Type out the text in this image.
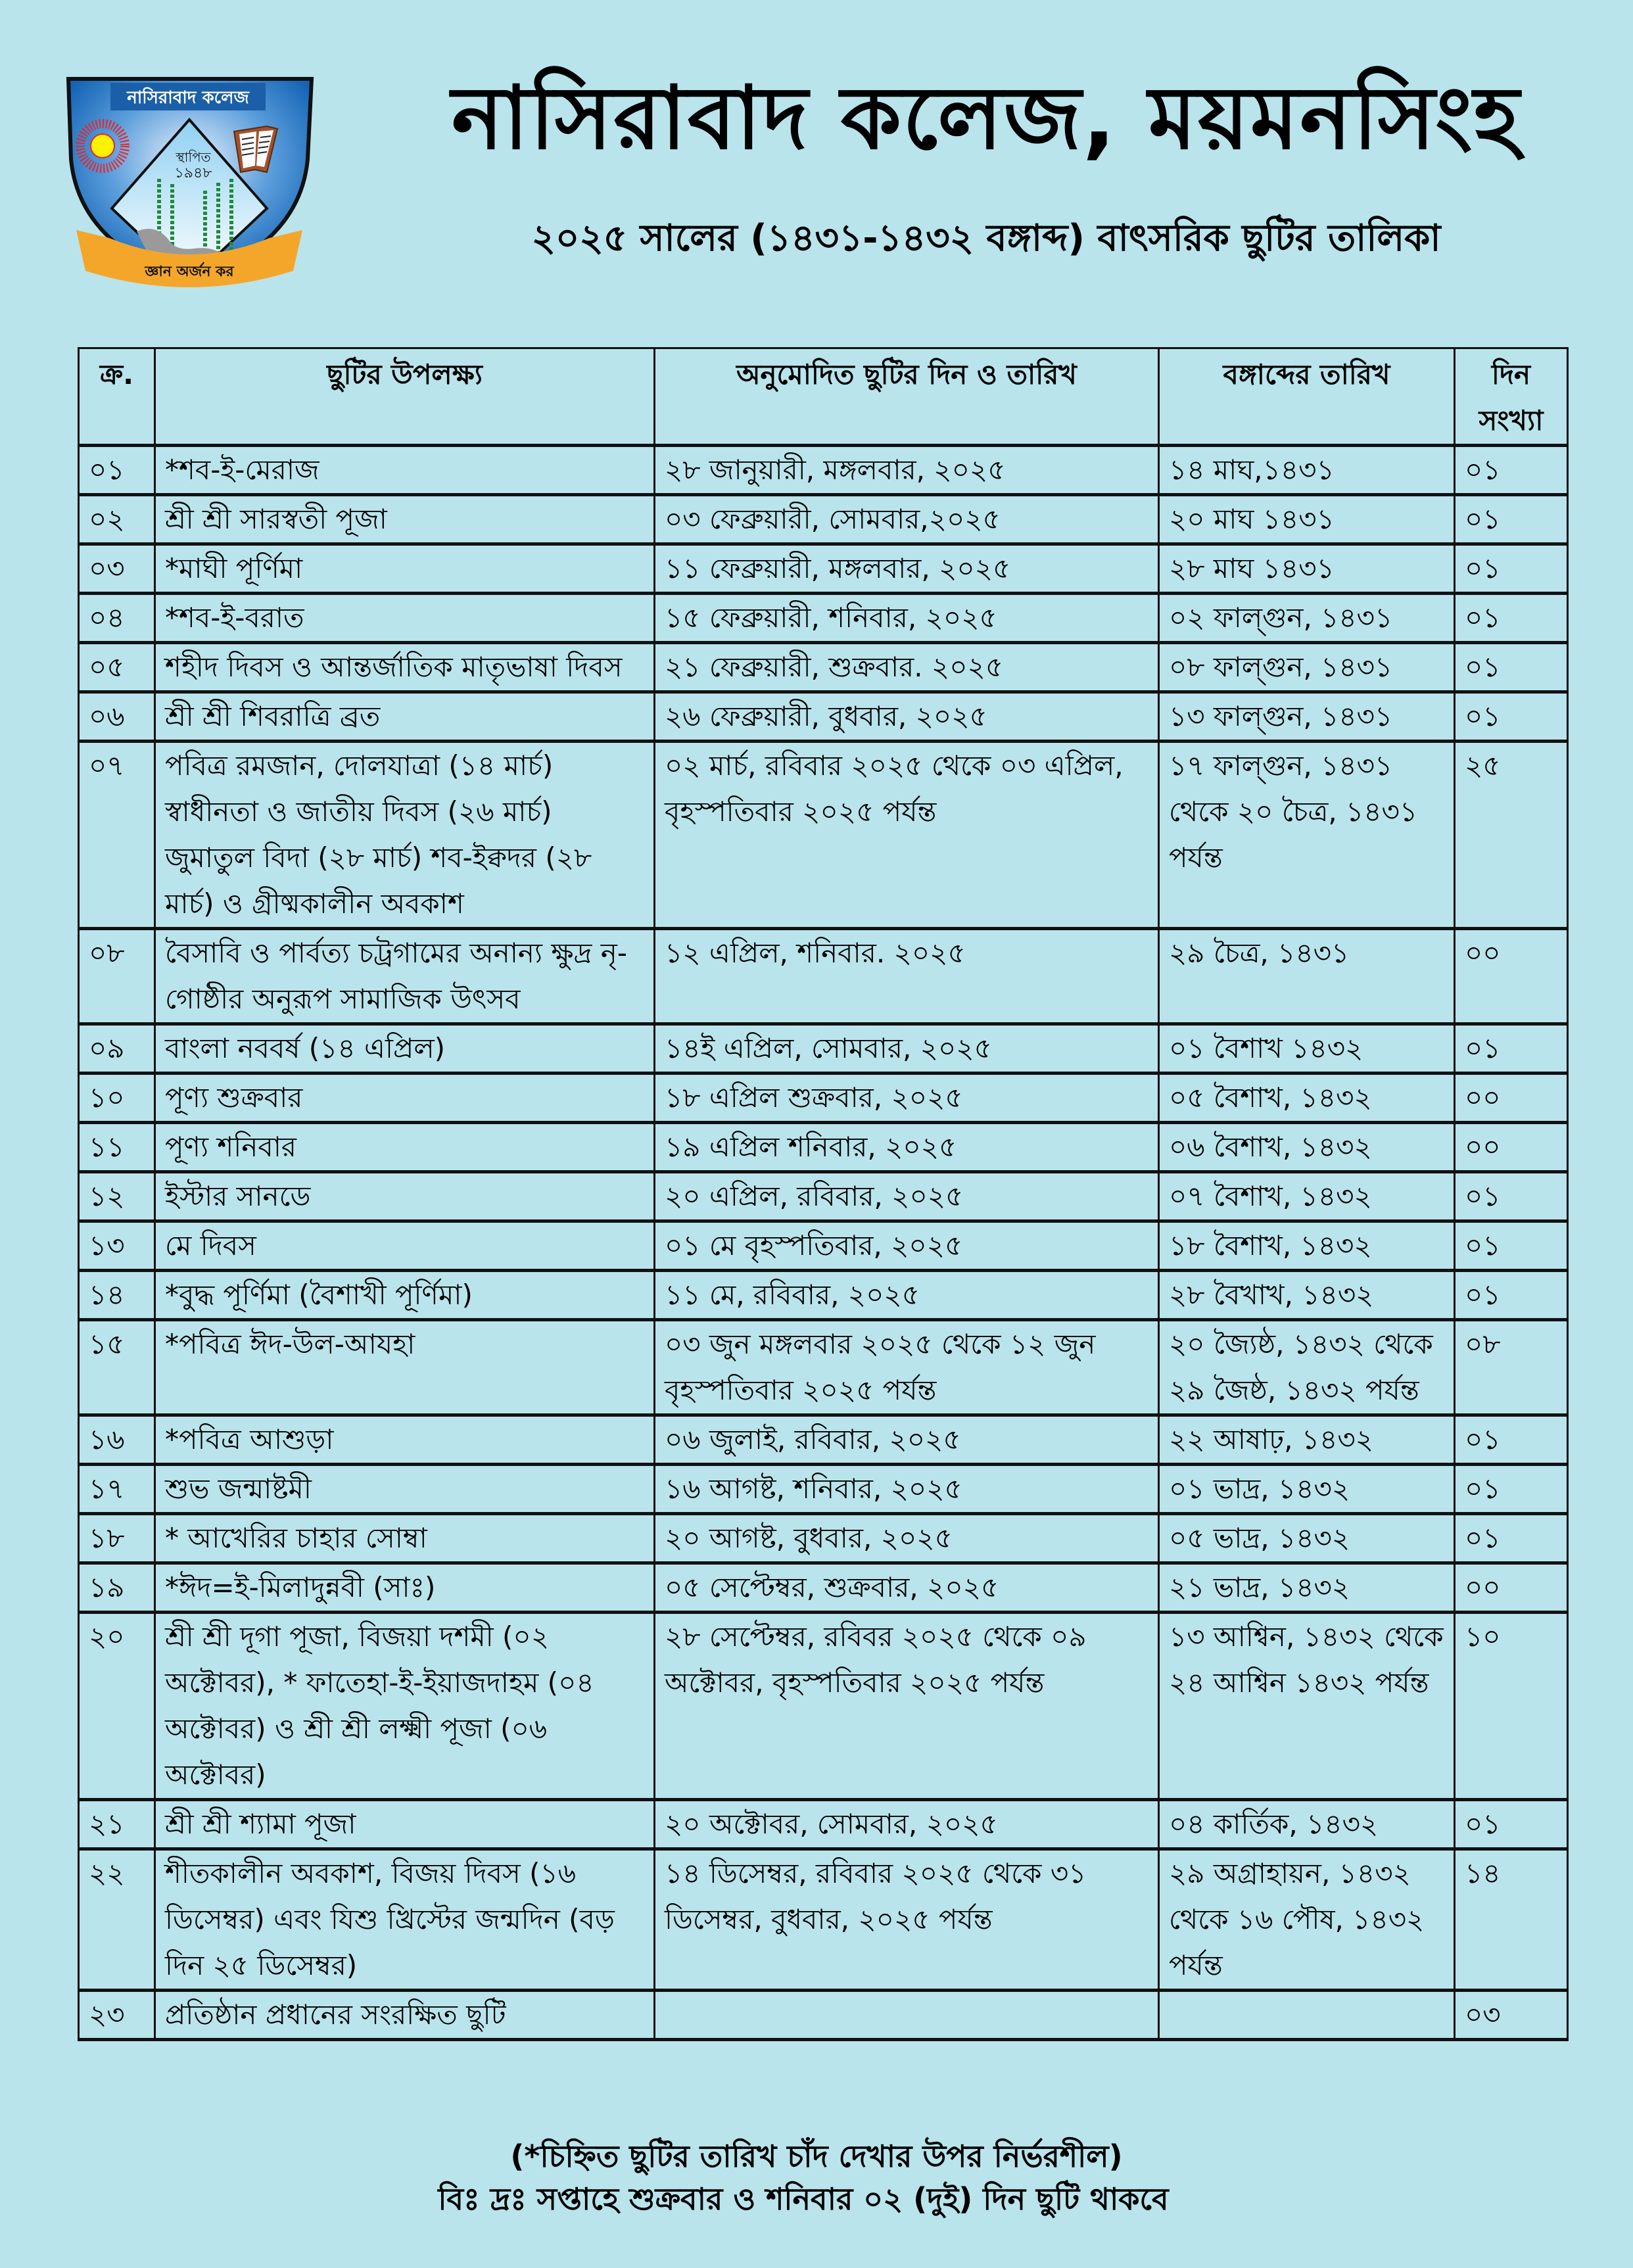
নাসিরাবাদ কলেজ
স্থাপিত
১৯৪৮
জ্ঞান অর্জন কর
নাসিরাবাদ কলেজ, ময়মনসিংহ
২০২৫ সালের (১৪৩১-১৪৩২ বঙ্গাব্দ) বাৎসরিক ছুটির তালিকা
ক্র.	ছুটির উপলক্ষ্য	অনুমোদিত ছুটির দিন ও তারিখ	বঙ্গাব্দের তারিখ	দিন সংখ্যা
০১	*শব-ই-মেরাজ	২৮ জানুয়ারী, মঙ্গলবার, ২০২৫	১৪ মাঘ,১৪৩১	০১
০২	শ্রী শ্রী সারস্বতী পূজা	০৩ ফেব্রুয়ারী, সোমবার,২০২৫	২০ মাঘ ১৪৩১	০১
০৩	*মাঘী পূর্ণিমা	১১ ফেব্রুয়ারী, মঙ্গলবার, ২০২৫	২৮ মাঘ ১৪৩১	০১
০৪	*শব-ই-বরাত	১৫ ফেব্রুয়ারী, শনিবার, ২০২৫	০২ ফাল্গুন, ১৪৩১	০১
০৫	শহীদ দিবস ও আন্তর্জাতিক মাতৃভাষা দিবস	২১ ফেব্রুয়ারী, শুক্রবার. ২০২৫	০৮ ফাল্গুন, ১৪৩১	০১
০৬	শ্রী শ্রী শিবরাত্রি ব্রত	২৬ ফেব্রুয়ারী, বুধবার, ২০২৫	১৩ ফাল্গুন, ১৪৩১	০১
০৭	পবিত্র রমজান, দোলযাত্রা (১৪ মার্চ) স্বাধীনতা ও জাতীয় দিবস (২৬ মার্চ) জুমাতুল বিদা (২৮ মার্চ) শব-ইক্বদর (২৮ মার্চ) ও গ্রীষ্মকালীন অবকাশ	০২ মার্চ, রবিবার ২০২৫ থেকে ০৩ এপ্রিল, বৃহস্পতিবার ২০২৫ পর্যন্ত	১৭ ফাল্গুন, ১৪৩১ থেকে ২০ চৈত্র, ১৪৩১ পর্যন্ত	২৫
০৮	বৈসাবি ও পার্বত্য চট্রগামের অনান্য ক্ষুদ্র নৃ-গোষ্ঠীর অনুরূপ সামাজিক উৎসব	১২ এপ্রিল, শনিবার. ২০২৫	২৯ চৈত্র, ১৪৩১	০০
০৯	বাংলা নববর্ষ (১৪ এপ্রিল)	১৪ই এপ্রিল, সোমবার, ২০২৫	০১ বৈশাখ ১৪৩২	০১
১০	পূণ্য শুক্রবার	১৮ এপ্রিল শুক্রবার, ২০২৫	০৫ বৈশাখ, ১৪৩২	০০
১১	পূণ্য শনিবার	১৯ এপ্রিল শনিবার, ২০২৫	০৬ বৈশাখ, ১৪৩২	০০
১২	ইস্টার সানডে	২০ এপ্রিল, রবিবার, ২০২৫	০৭ বৈশাখ, ১৪৩২	০১
১৩	মে দিবস	০১ মে বৃহস্পতিবার, ২০২৫	১৮ বৈশাখ, ১৪৩২	০১
১৪	*বুদ্ধ পূর্ণিমা (বৈশাখী পূর্ণিমা)	১১ মে, রবিবার, ২০২৫	২৮ বৈখাখ, ১৪৩২	০১
১৫	*পবিত্র ঈদ-উল-আযহা	০৩ জুন মঙ্গলবার ২০২৫ থেকে ১২ জুন বৃহস্পতিবার ২০২৫ পর্যন্ত	২০ জ্যৈষ্ঠ, ১৪৩২ থেকে ২৯ জৈষ্ঠ, ১৪৩২ পর্যন্ত	০৮
১৬	*পবিত্র আশুড়া	০৬ জুলাই, রবিবার, ২০২৫	২২ আষাঢ়, ১৪৩২	০১
১৭	শুভ জন্মাষ্টমী	১৬ আগষ্ট, শনিবার, ২০২৫	০১ ভাদ্র, ১৪৩২	০১
১৮	* আখেরির চাহার সোম্বা	২০ আগষ্ট, বুধবার, ২০২৫	০৫ ভাদ্র, ১৪৩২	০১
১৯	*ঈদ=ই-মিলাদুন্নবী (সাঃ)	০৫ সেপ্টেম্বর, শুক্রবার, ২০২৫	২১ ভাদ্র, ১৪৩২	০০
২০	শ্রী শ্রী দূগা পূজা, বিজয়া দশমী (০২ অক্টোবর), * ফাতেহা-ই-ইয়াজদাহম (০৪ অক্টোবর) ও শ্রী শ্রী লক্ষ্মী পূজা (০৬ অক্টোবর)	২৮ সেপ্টেম্বর, রবিবর ২০২৫ থেকে ০৯ অক্টোবর, বৃহস্পতিবার ২০২৫ পর্যন্ত	১৩ আশ্বিন, ১৪৩২ থেকে ২৪ আশ্বিন ১৪৩২ পর্যন্ত	১০
২১	শ্রী শ্রী শ্যামা পূজা	২০ অক্টোবর, সোমবার, ২০২৫	০৪ কার্তিক, ১৪৩২	০১
২২	শীতকালীন অবকাশ, বিজয় দিবস (১৬ ডিসেম্বর) এবং যিশু খ্রিস্টের জন্মদিন (বড় দিন ২৫ ডিসেম্বর)	১৪ ডিসেম্বর, রবিবার ২০২৫ থেকে ৩১ ডিসেম্বর, বুধবার, ২০২৫ পর্যন্ত	২৯ অগ্রাহায়ন, ১৪৩২ থেকে ১৬ পৌষ, ১৪৩২ পর্যন্ত	১৪
২৩	প্রতিষ্ঠান প্রধানের সংরক্ষিত ছুটি			০৩
(*চিহ্নিত ছুটির তারিখ চাঁদ দেখার উপর নির্ভরশীল)
বিঃ দ্রঃ সপ্তাহে শুক্রবার ও শনিবার ০২ (দুই) দিন ছুটি থাকবে
